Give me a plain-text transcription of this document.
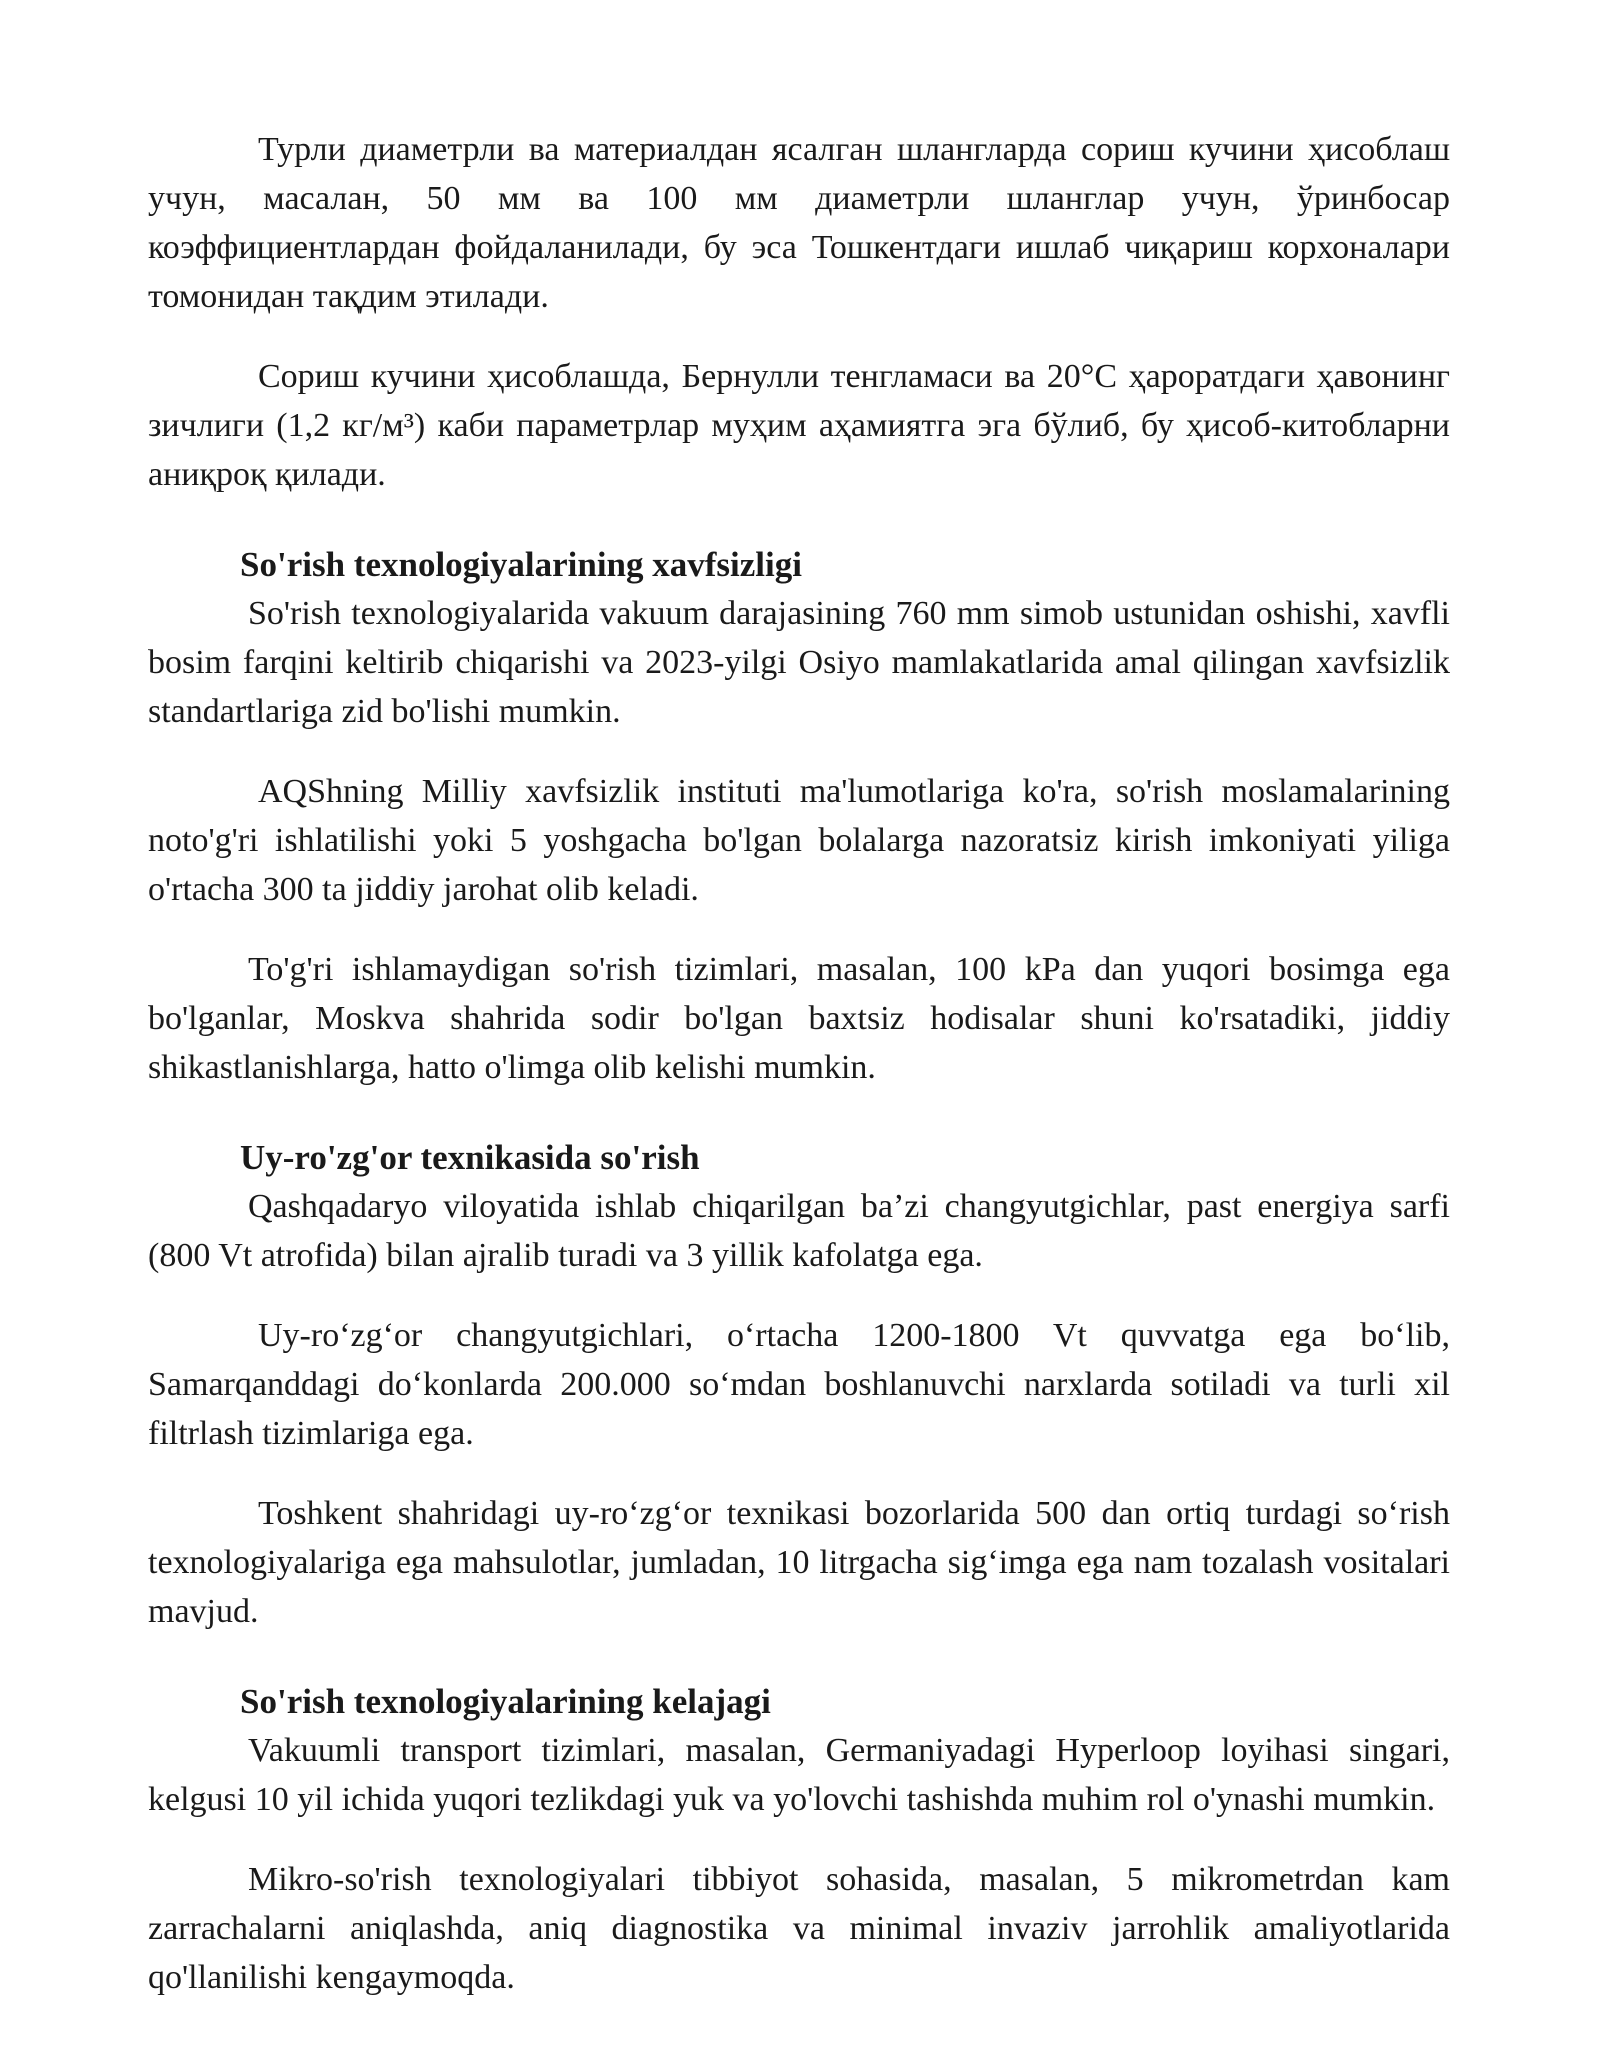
Турли диаметрли ва материалдан ясалган шлангларда сориш кучини ҳисоблаш учун, масалан, 50 мм ва 100 мм диаметрли шланглар учун, ўринбосар коэффициентлардан фойдаланилади, бу эса Тошкентдаги ишлаб чиқариш корхоналари томонидан тақдим этилади.

Сориш кучини ҳисоблашда, Бернулли тенгламаси ва 20°C ҳароратдаги ҳавонинг зичлиги (1,2 кг/м³) каби параметрлар муҳим аҳамиятга эга бўлиб, бу ҳисоб-китобларни аниқроқ қилади.

So'rish texnologiyalarining xavfsizligi

So'rish texnologiyalarida vakuum darajasining 760 mm simob ustunidan oshishi, xavfli bosim farqini keltirib chiqarishi va 2023-yilgi Osiyo mamlakatlarida amal qilingan xavfsizlik standartlariga zid bo'lishi mumkin.

AQShning Milliy xavfsizlik instituti ma'lumotlariga ko'ra, so'rish moslamalarining noto'g'ri ishlatilishi yoki 5 yoshgacha bo'lgan bolalarga nazoratsiz kirish imkoniyati yiliga o'rtacha 300 ta jiddiy jarohat olib keladi.

To'g'ri ishlamaydigan so'rish tizimlari, masalan, 100 kPa dan yuqori bosimga ega bo'lganlar, Moskva shahrida sodir bo'lgan baxtsiz hodisalar shuni ko'rsatadiki, jiddiy shikastlanishlarga, hatto o'limga olib kelishi mumkin.

Uy-ro'zg'or texnikasida so'rish

Qashqadaryo viloyatida ishlab chiqarilgan ba’zi changyutgichlar, past energiya sarfi (800 Vt atrofida) bilan ajralib turadi va 3 yillik kafolatga ega.

Uy-ro‘zg‘or changyutgichlari, o‘rtacha 1200-1800 Vt quvvatga ega bo‘lib, Samarqanddagi do‘konlarda 200.000 so‘mdan boshlanuvchi narxlarda sotiladi va turli xil filtrlash tizimlariga ega.

Toshkent shahridagi uy-ro‘zg‘or texnikasi bozorlarida 500 dan ortiq turdagi so‘rish texnologiyalariga ega mahsulotlar, jumladan, 10 litrgacha sig‘imga ega nam tozalash vositalari mavjud.

So'rish texnologiyalarining kelajagi

Vakuumli transport tizimlari, masalan, Germaniyadagi Hyperloop loyihasi singari, kelgusi 10 yil ichida yuqori tezlikdagi yuk va yo'lovchi tashishda muhim rol o'ynashi mumkin.

Mikro-so'rish texnologiyalari tibbiyot sohasida, masalan, 5 mikrometrdan kam zarrachalarni aniqlashda, aniq diagnostika va minimal invaziv jarrohlik amaliyotlarida qo'llanilishi kengaymoqda.
